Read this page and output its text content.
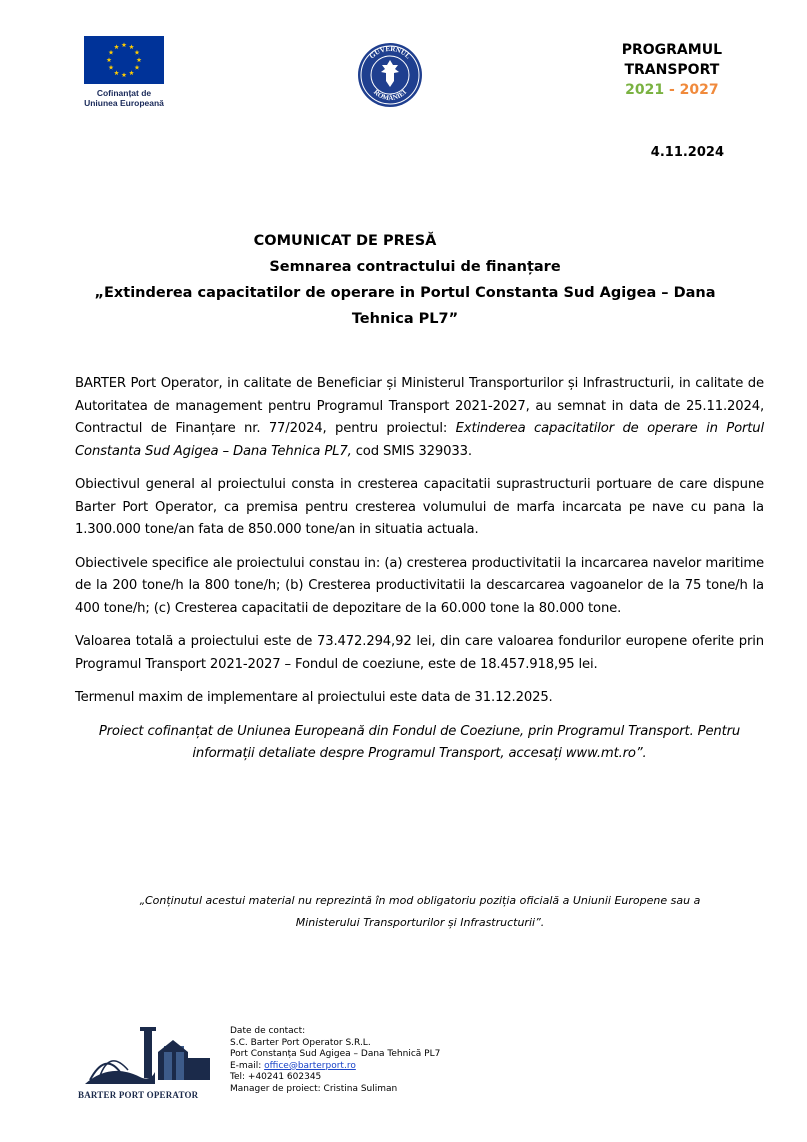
Cofinanțat de
Uniunea Europeană
GUVERNUL
ROMÂNIEI
PROGRAMUL
TRANSPORT
2021 - 2027
4.11.2024
COMUNICAT DE PRESĂ
Semnarea contractului de finanțare
„Extinderea capacitatilor de operare in Portul Constanta Sud Agigea – Dana
Tehnica PL7”

BARTER Port Operator, in calitate de Beneficiar și Ministerul Transporturilor și Infrastructurii, in calitate de Autoritatea de management pentru Programul Transport 2021-2027, au semnat in data de 25.11.2024, Contractul de Finanțare nr. 77/2024, pentru proiectul: Extinderea capacitatilor de operare in Portul Constanta Sud Agigea – Dana Tehnica PL7, cod SMIS 329033.

Obiectivul general al proiectului consta in cresterea capacitatii suprastructurii portuare de care dispune Barter Port Operator, ca premisa pentru cresterea volumului de marfa incarcata pe nave cu pana la 1.300.000 tone/an fata de 850.000 tone/an in situatia actuala.

Obiectivele specifice ale proiectului constau in: (a) cresterea productivitatii la incarcarea navelor maritime de la 200 tone/h la 800 tone/h; (b) Cresterea productivitatii la descarcarea vagoanelor de la 75 tone/h la 400 tone/h; (c) Cresterea capacitatii de depozitare de la 60.000 tone la 80.000 tone.

Valoarea totală a proiectului este de 73.472.294,92 lei, din care valoarea fondurilor europene oferite prin Programul Transport 2021-2027 – Fondul de coeziune, este de 18.457.918,95 lei.

Termenul maxim de implementare al proiectului este data de 31.12.2025.

Proiect cofinanțat de Uniunea Europeană din Fondul de Coeziune, prin Programul Transport. Pentru informații detaliate despre Programul Transport, accesați www.mt.ro”.

„Conținutul acestui material nu reprezintă în mod obligatoriu poziția oficială a Uniunii Europene sau a
Ministerului Transporturilor și Infrastructurii”.
BARTER PORT OPERATOR
Date de contact:
S.C. Barter Port Operator S.R.L.
Port Constanța Sud Agigea – Dana Tehnică PL7
E-mail: office@barterport.ro
Tel: +40241 602345
Manager de proiect: Cristina Suliman
